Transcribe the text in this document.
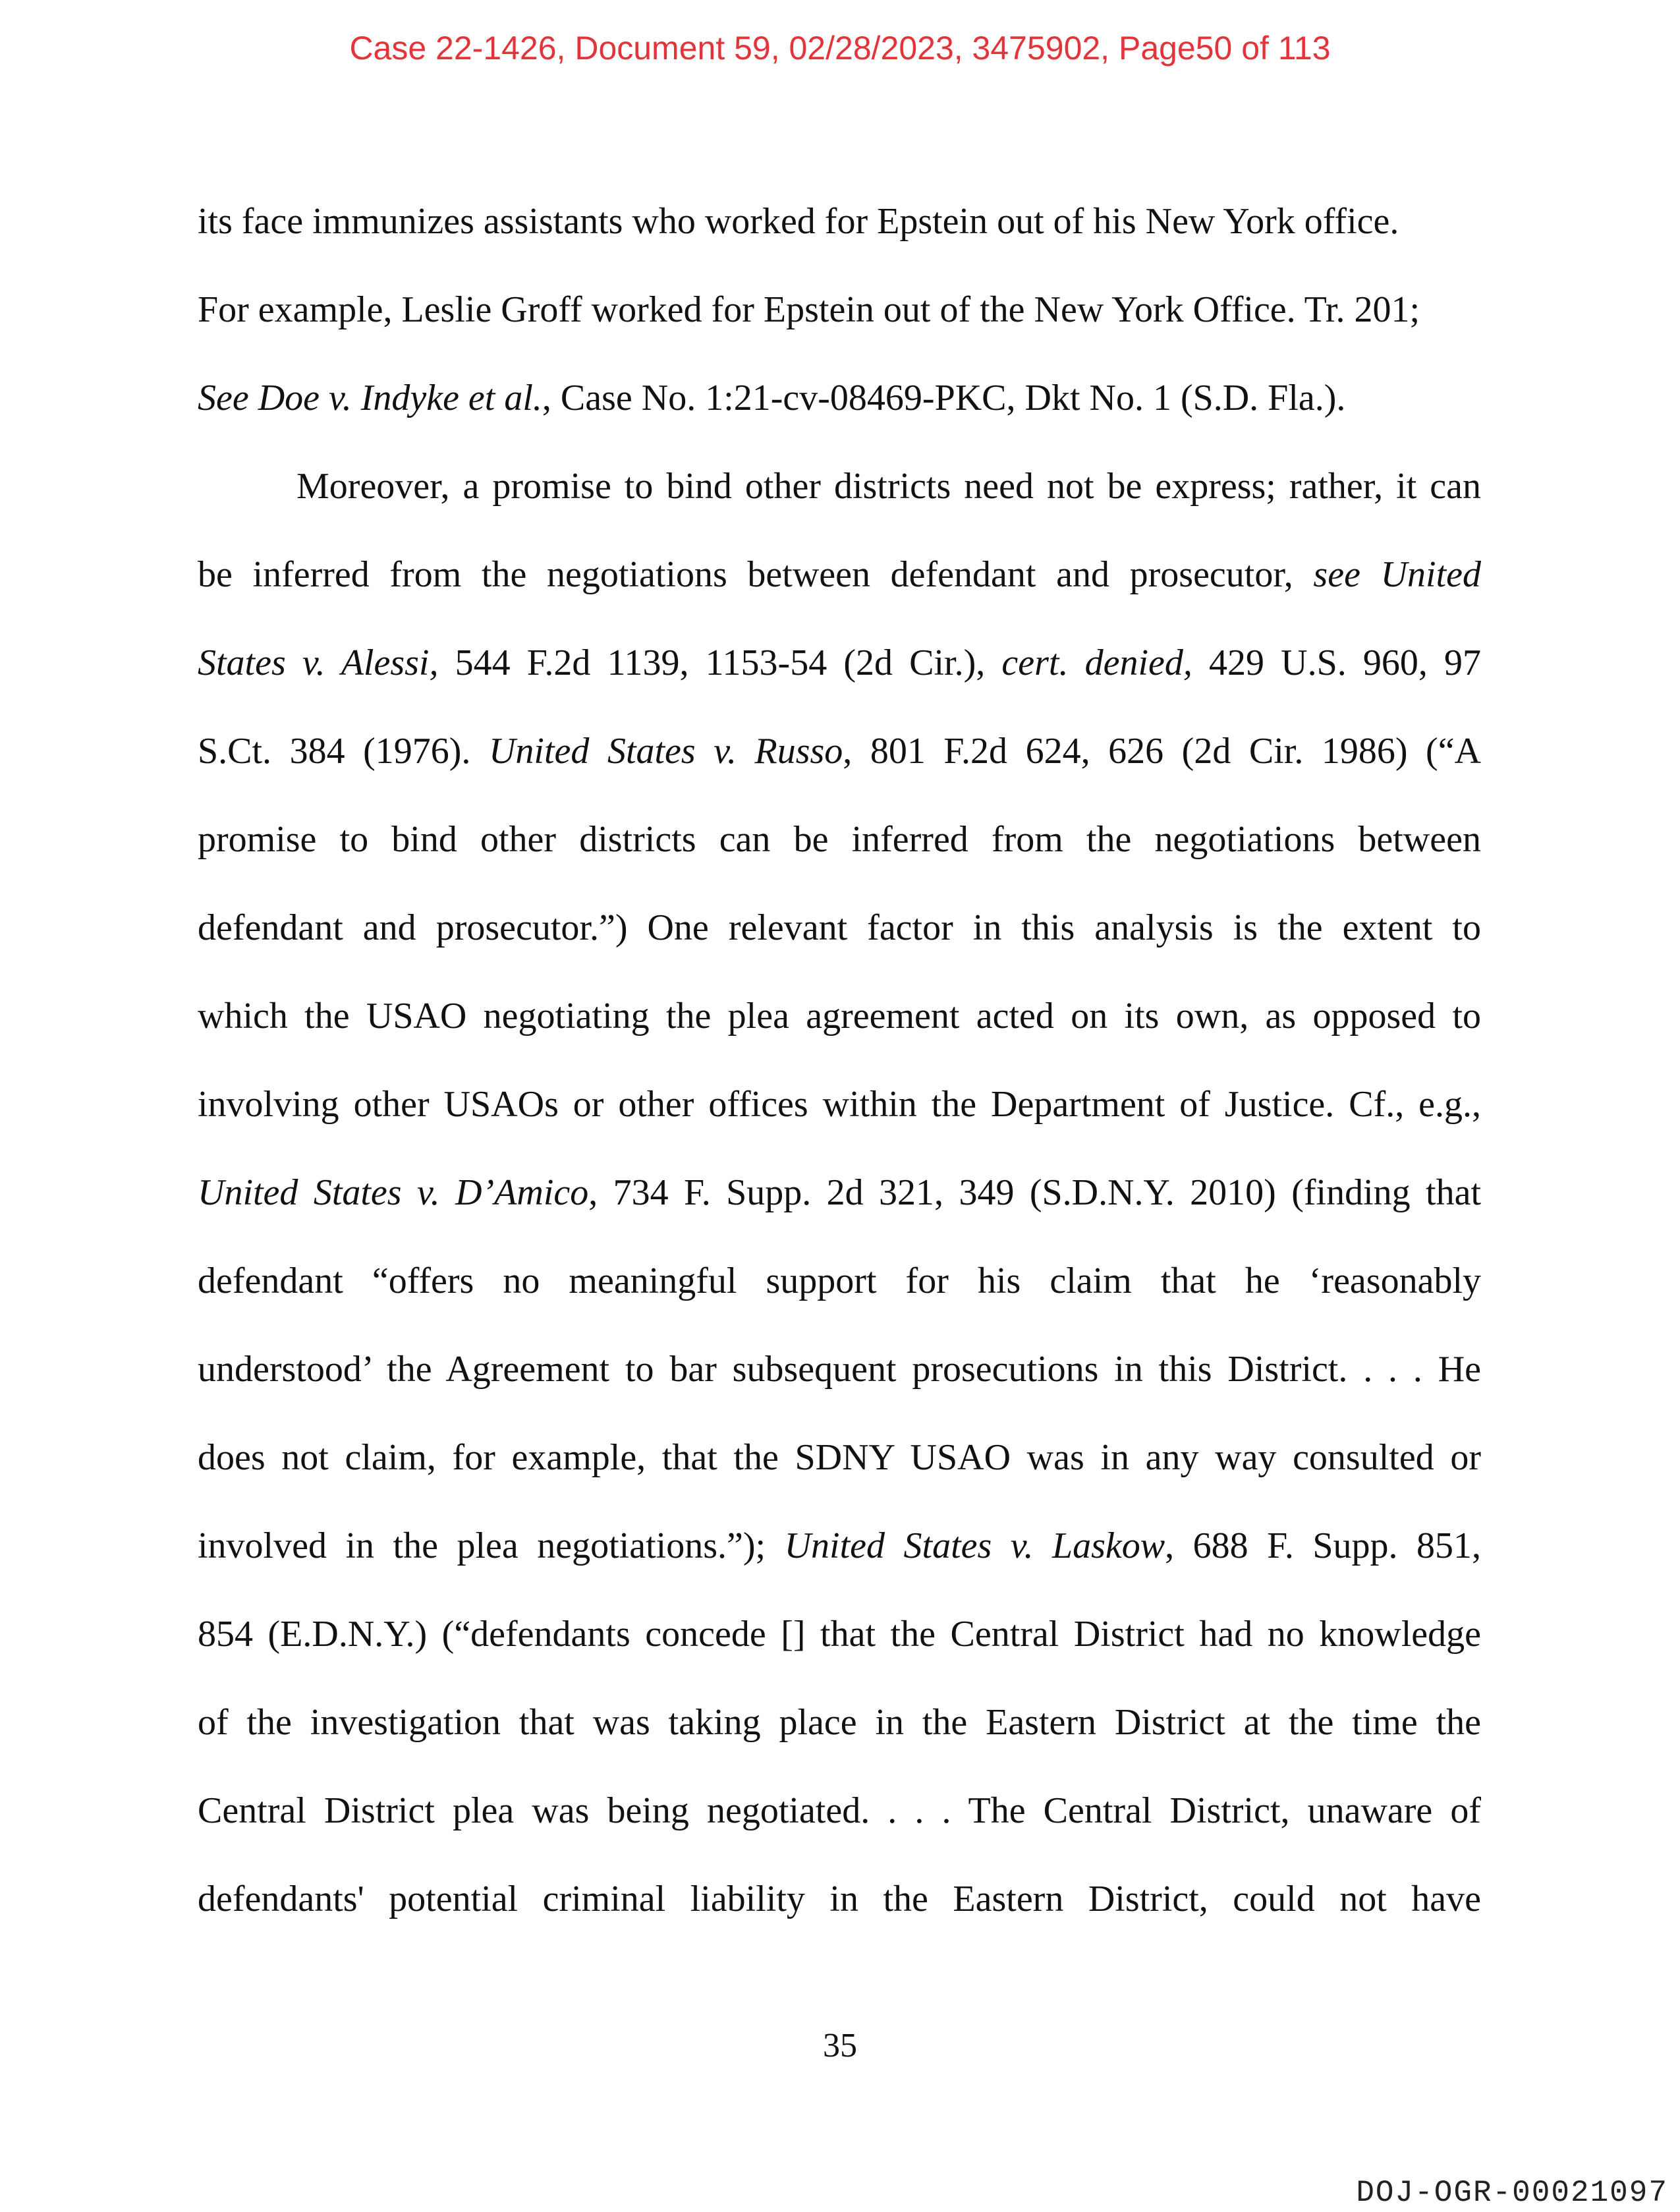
Case 22-1426, Document 59, 02/28/2023, 3475902, Page50 of 113
its face immunizes assistants who worked for Epstein out of his New York office.
For example, Leslie Groff worked for Epstein out of the New York Office. Tr. 201;
See Doe v. Indyke et al., Case No. 1:21-cv-08469-PKC, Dkt No. 1 (S.D. Fla.).
Moreover, a promise to bind other districts need not be express; rather, it can
be inferred from the negotiations between defendant and prosecutor, see United
States v. Alessi, 544 F.2d 1139, 1153-54 (2d Cir.), cert. denied, 429 U.S. 960, 97
S.Ct. 384 (1976). United States v. Russo, 801 F.2d 624, 626 (2d Cir. 1986) (“A
promise to bind other districts can be inferred from the negotiations between
defendant and prosecutor.”) One relevant factor in this analysis is the extent to
which the USAO negotiating the plea agreement acted on its own, as opposed to
involving other USAOs or other offices within the Department of Justice. Cf., e.g.,
United States v. D’Amico, 734 F. Supp. 2d 321, 349 (S.D.N.Y. 2010) (finding that
defendant “offers no meaningful support for his claim that he ‘reasonably
understood’ the Agreement to bar subsequent prosecutions in this District. . . . He
does not claim, for example, that the SDNY USAO was in any way consulted or
involved in the plea negotiations.”); United States v. Laskow, 688 F. Supp. 851,
854 (E.D.N.Y.) (“defendants concede [] that the Central District had no knowledge
of the investigation that was taking place in the Eastern District at the time the
Central District plea was being negotiated. . . . The Central District, unaware of
defendants' potential criminal liability in the Eastern District, could not have
35
DOJ-OGR-00021097
